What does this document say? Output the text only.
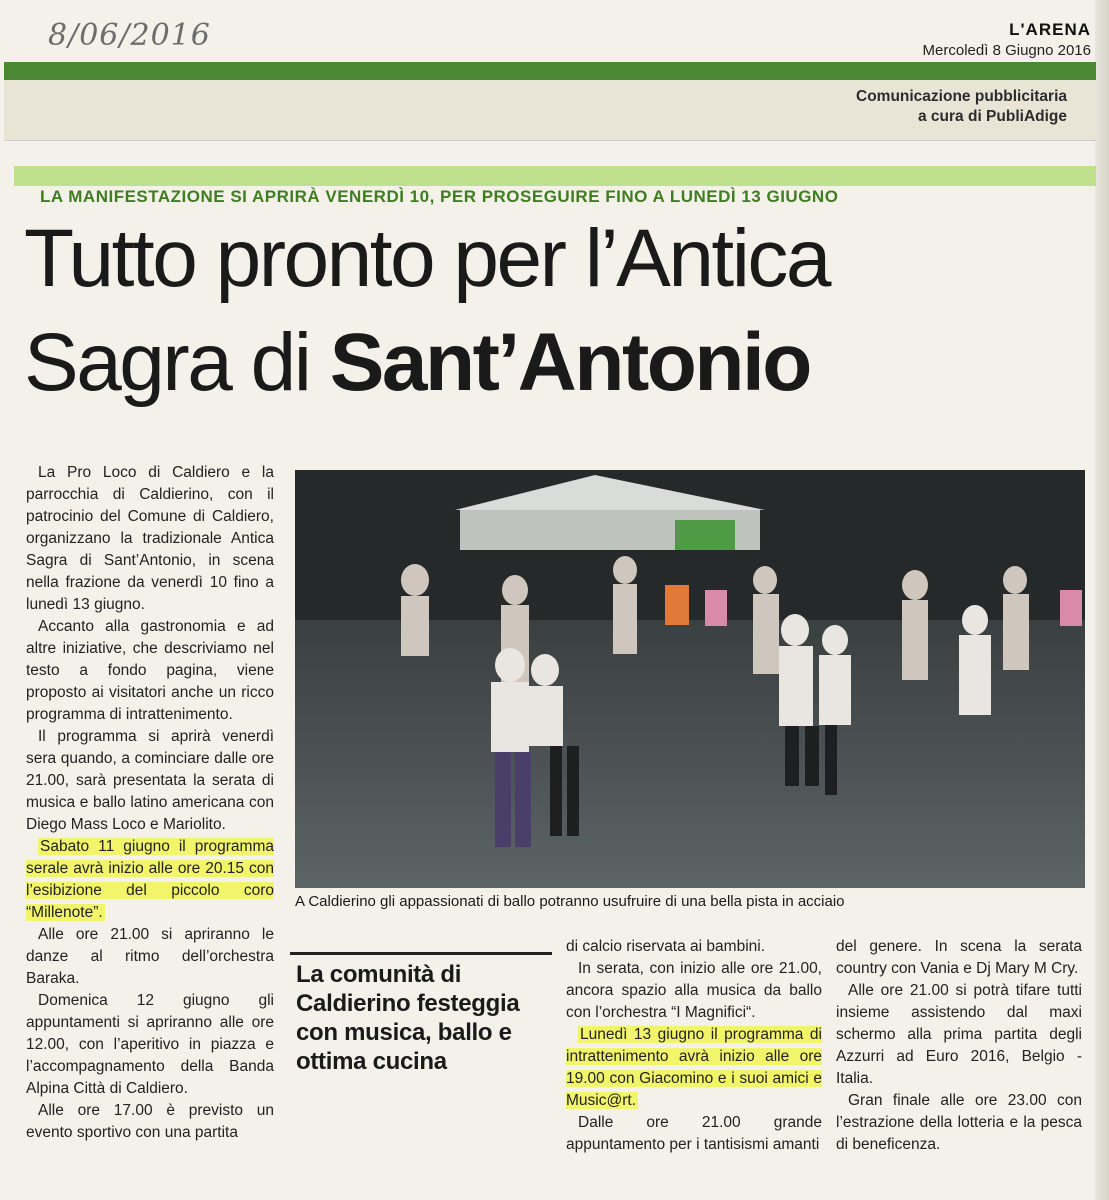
8/06/2016	L'ARENA
Mercoledì 8 Giugno 2016
Comunicazione pubblicitaria
a cura di PubliAdige
LA MANIFESTAZIONE SI APRIRÀ VENERDÌ 10, PER PROSEGUIRE FINO A LUNEDÌ 13 GIUGNO
Tutto pronto per l’Antica
Sagra di Sant’Antonio

La Pro Loco di Caldiero e la parrocchia di Caldierino, con il patrocinio del Comune di Caldiero, organizzano la tradizionale Antica Sagra di Sant’Antonio, in scena nella frazione da venerdì 10 fino a lunedì 13 giugno.

Accanto alla gastronomia e ad altre iniziative, che descriviamo nel testo a fondo pagina, viene proposto ai visitatori anche un ricco programma di intrattenimento.

Il programma si aprirà venerdì sera quando, a cominciare dalle ore 21.00, sarà presentata la serata di musica e ballo latino americana con Diego Mass Loco e Mariolito.

Sabato 11 giugno il programma serale avrà inizio alle ore 20.15 con l’esibizione del piccolo coro “Millenote”.

Alle ore 21.00 si apriranno le danze al ritmo dell’orchestra Baraka.

Domenica 12 giugno gli appuntamenti si apriranno alle ore 12.00, con l’aperitivo in piazza e l’accompagnamento della Banda Alpina Città di Caldiero.

Alle ore 17.00 è previsto un evento sportivo con una partita

A Caldierino gli appassionati di ballo potranno usufruire di una bella pista in acciaio
La comunità di Caldierino festeggia con musica, ballo e ottima cucina

di calcio riservata ai bambini.

In serata, con inizio alle ore 21.00, ancora spazio alla musica da ballo con l’orchestra “I Magnifici“.

Lunedì 13 giugno il programma di intrattenimento avrà inizio alle ore 19.00 con Giacomino e i suoi amici e Music@rt.

Dalle ore 21.00 grande appuntamento per i tantisismi amanti

del genere. In scena la serata country con Vania e Dj Mary M Cry.

Alle ore 21.00 si potrà tifare tutti insieme assistendo dal maxi schermo alla prima partita degli Azzurri ad Euro 2016, Belgio - Italia.

Gran finale alle ore 23.00 con l’estrazione della lotteria e la pesca di beneficenza.
